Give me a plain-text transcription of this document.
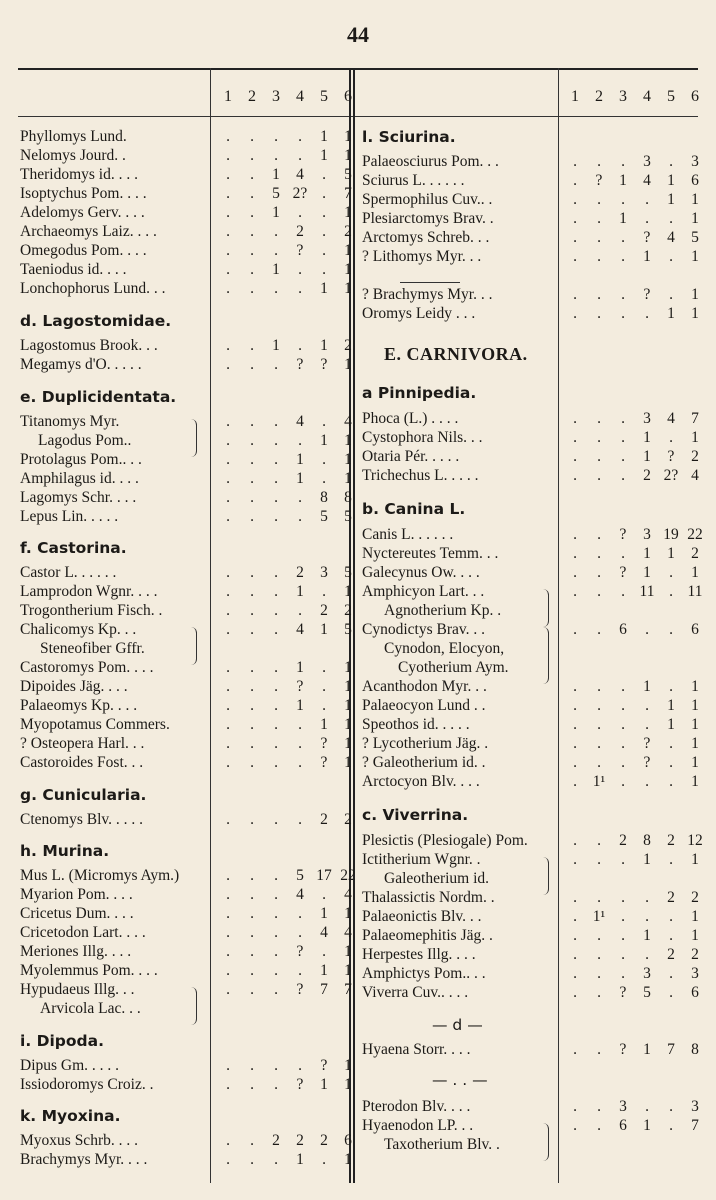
44
1	2	3	4	5	6	1	2	3	4	5	6
Phyllomys Lund.	.	.	.	.	1	1
Nelomys Jourd. .	.	.	.	.	1	1
Theridomys id. . . .	.	.	1	4	.	5
Isoptychus Pom. . . .	.	.	5 2? .	7
Adelomys Gerv. . . .	.	.	1	.	.	1
Archaeomys Laiz. . . .	.	.	.	2	.	2
Omegodus Pom. . . .	.	.	.	?	.	1
Taeniodus id. . . .	.	.	1	.	.	1
Lonchophorus Lund. . .	.	.	.	.	1	1
d. Lagostomidae.
Lagostomus Brook. . .	.	.	1	.	1	2
Megamys d'O. . . . .	.	.	.	?	?	1
e. Duplicidentata.
Titanomys Myr.	.	.	.	4	.	4
Lagodus Pom..	.	.	.	.	1	1
Protolagus Pom.. . .	.	.	.	1	.	1
Amphilagus id. . . .	.	.	.	1	.	1
Lagomys Schr. . . .	.	.	.	.	8	8
Lepus Lin. . . . .	.	.	.	.	5	5
f. Castorina.
Castor L. . . . . .	.	.	.	2	3	5
Lamprodon Wgnr. . . .	.	.	.	1	.	1
Trogontherium Fisch. .	.	.	.	.	2	2
Chalicomys Kp. . .	.	.	.	4	1	5
Steneofiber Gffr.
Castoromys Pom. . . .	.	.	.	1	.	1
Dipoides Jäg. . . .	.	.	.	?	.	1
Palaeomys Kp. . . .	.	.	.	1	.	1
Myopotamus Commers.	.	.	.	.	1	1
? Osteopera Harl. . .	.	.	.	.	?	1
Castoroides Fost. . .	.	.	.	.	?	1
g. Cunicularia.
Ctenomys Blv. . . . .	.	.	.	.	2	2
h. Murina.
Mus L. (Micromys Aym.)	.	.	.	5 17 22
Myarion Pom. . . .	.	.	.	4	.	4
Cricetus Dum. . . .	.	.	.	.	1	1
Cricetodon Lart. . . .	.	.	.	.	4	4
Meriones Illg. . . .	.	.	.	?	.	1
Myolemmus Pom. . . .	.	.	.	.	1	1
Hypudaeus Illg. . .	.	.	.	?	7	7
Arvicola Lac. . .
i. Dipoda.
Dipus Gm. . . . .	.	.	.	.	?	1
Issiodoromys Croiz. .	.	.	.	?	1	1
k. Myoxina.
Myoxus Schrb. . . .	.	.	2	2	2	6
Brachymys Myr. . . .	.	.	.	1	.	1
l. Sciurina.
Palaeosciurus Pom. . .	.	.	.	3	.	3
Sciurus L. . . . . .	.	?	1	4	1	6
Spermophilus Cuv.. .	.	.	.	.	1	1
Plesiarctomys Brav. .	.	.	1	.	.	1
Arctomys Schreb. . .	.	.	.	?	4	5
? Lithomys Myr. . .	.	.	.	1	.	1
? Brachymys Myr. . .	.	.	.	?	.	1
Oromys Leidy . . .	.	.	.	.	1	1
E. CARNIVORA.
a Pinnipedia.
Phoca (L.) . . . .	.	.	.	3	4	7
Cystophora Nils. . .	.	.	.	1	.	1
Otaria Pér. . . . .	.	.	.	1	?	2
Trichechus L. . . . .	.	.	.	2 2? 4
b. Canina L.
Canis L. . . . . .	.	.	?	3 19 22
Nyctereutes Temm. . .	.	.	.	1	1	2
Galecynus Ow. . . .	.	.	?	1	.	1
Amphicyon Lart. . .	.	.	. 11 . 11
Agnotherium Kp. .
Cynodictys Brav. . .	.	.	6	.	.	6
Cynodon, Elocyon,
Cyotherium Aym.
Acanthodon Myr. . .	.	.	.	1	.	1
Palaeocyon Lund . .	.	.	.	.	1	1
Speothos id. . . . .	.	.	.	.	1	1
? Lycotherium Jäg. .	.	.	.	?	.	1
? Galeotherium id. .	.	.	.	?	.	1
Arctocyon Blv. . . .	.	1¹	.	.	.	1
c. Viverrina.
Plesictis (Plesiogale) Pom.	.	.	2	8	2 12
Ictitherium Wgnr. .	.	.	.	1	.	1
Galeotherium id.
Thalassictis Nordm. .	.	.	.	.	2	2
Palaeonictis Blv. . .	.	1¹	.	.	.	1
Palaeomephitis Jäg. .	.	.	.	1	.	1
Herpestes Illg. . . .	.	.	.	.	2	2
Amphictys Pom.. . .	.	.	.	3	.	3
Viverra Cuv.. . . .	.	.	?	5	.	6
— d —
Hyaena Storr. . . .	.	.	?	1	7	8
— . . —
Pterodon Blv. . . .	.	.	3	.	.	3
Hyaenodon LP. . .	.	.	6	1	.	7
Taxotherium Blv. .
